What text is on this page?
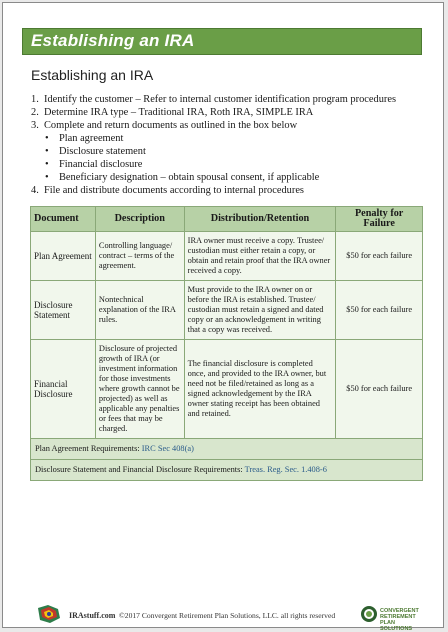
Establishing an IRA
Establishing an IRA
1. Identify the customer – Refer to internal customer identification program procedures
2. Determine IRA type – Traditional IRA, Roth IRA, SIMPLE IRA
3. Complete and return documents as outlined in the box below
• Plan agreement
• Disclosure statement
• Financial disclosure
• Beneficiary designation – obtain spousal consent, if applicable
4. File and distribute documents according to internal procedures
Document	Description	Distribution/Retention	Penalty for Failure
Plan Agreement	Controlling language/ contract – terms of the agreement.	IRA owner must receive a copy. Trustee/ custodian must either retain a copy, or obtain and retain proof that the IRA owner received a copy.	$50 for each failure
Disclosure Statement	Nontechnical explanation of the IRA rules.	Must provide to the IRA owner on or before the IRA is established. Trustee/ custodian must retain a signed and dated copy or an acknowledgement in writing that a copy was received.	$50 for each failure
Financial Disclosure	Disclosure of projected growth of IRA (or investment information for those investments where growth cannot be projected) as well as applicable any penalties or fees that may be charged.	The financial disclosure is completed once, and provided to the IRA owner, but need not be filed/retained as long as a signed acknowledgement by the IRA owner stating receipt has been obtained and retained.	$50 for each failure
Plan Agreement Requirements: IRC Sec 408(a)			
Disclosure Statement and Financial Disclosure Requirements: Treas. Reg. Sec. 1.408-6			
IRAstuff.com ©2017 Convergent Retirement Plan Solutions, LLC. all rights reserved	CONVERGENT
RETIREMENT PLAN SOLUTIONS
